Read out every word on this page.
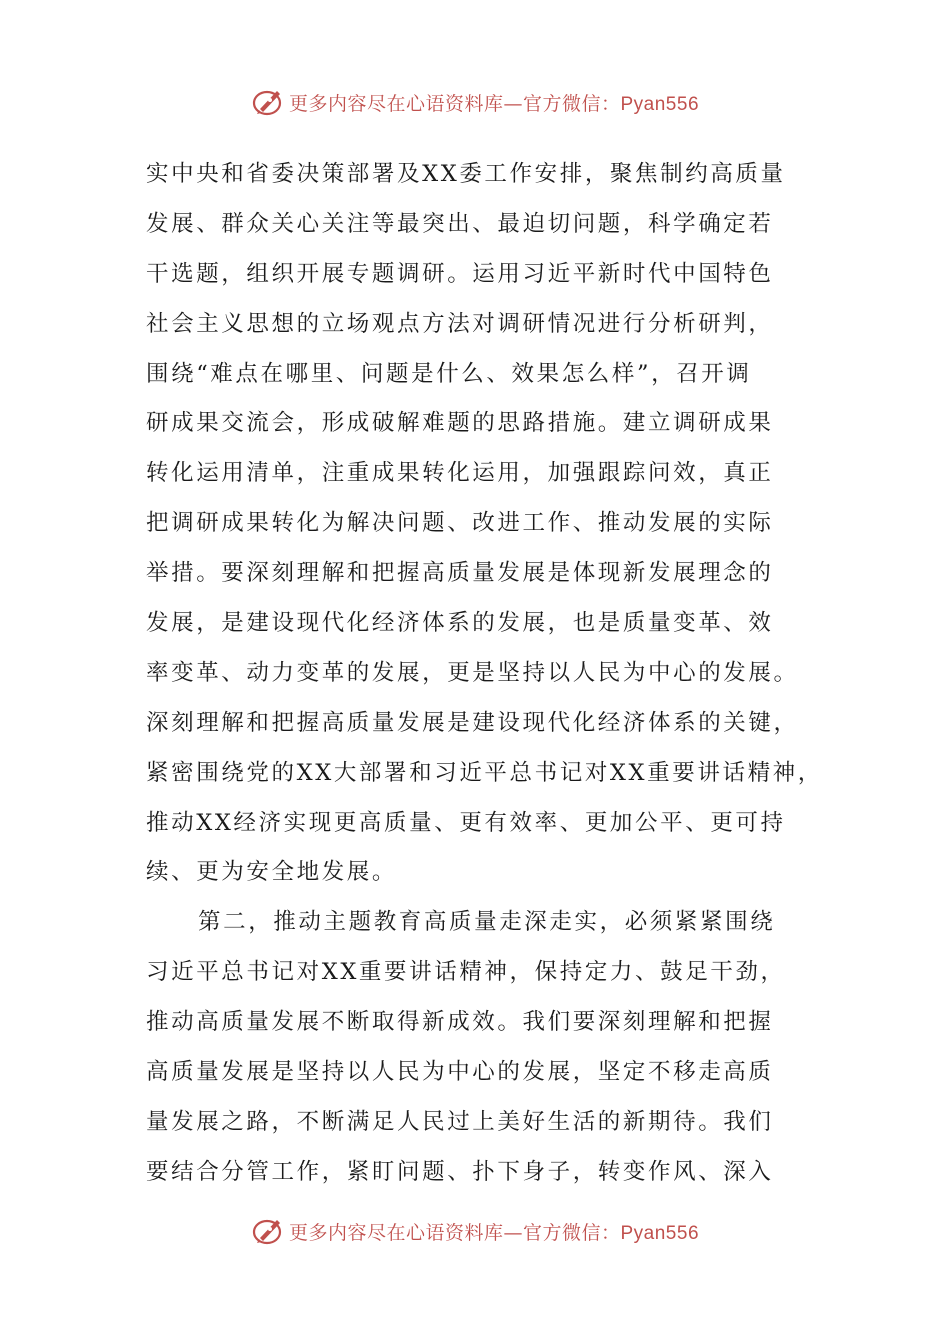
更多内容尽在心语资料库—官方微信：Pyan556
实中央和省委决策部署及XX委工作安排，聚焦制约高质量
发展、群众关心关注等最突出、最迫切问题，科学确定若
干选题，组织开展专题调研。运用习近平新时代中国特色
社会主义思想的立场观点方法对调研情况进行分析研判，
围绕“难点在哪里、问题是什么、效果怎么样”，召开调
研成果交流会，形成破解难题的思路措施。建立调研成果
转化运用清单，注重成果转化运用，加强跟踪问效，真正
把调研成果转化为解决问题、改进工作、推动发展的实际
举措。要深刻理解和把握高质量发展是体现新发展理念的
发展，是建设现代化经济体系的发展，也是质量变革、效
率变革、动力变革的发展，更是坚持以人民为中心的发展。
深刻理解和把握高质量发展是建设现代化经济体系的关键，
紧密围绕党的XX大部署和习近平总书记对XX重要讲话精神，
推动XX经济实现更高质量、更有效率、更加公平、更可持
续、更为安全地发展。
第二，推动主题教育高质量走深走实，必须紧紧围绕
习近平总书记对XX重要讲话精神，保持定力、鼓足干劲，
推动高质量发展不断取得新成效。我们要深刻理解和把握
高质量发展是坚持以人民为中心的发展，坚定不移走高质
量发展之路，不断满足人民过上美好生活的新期待。我们
要结合分管工作，紧盯问题、扑下身子，转变作风、深入
更多内容尽在心语资料库—官方微信：Pyan556
